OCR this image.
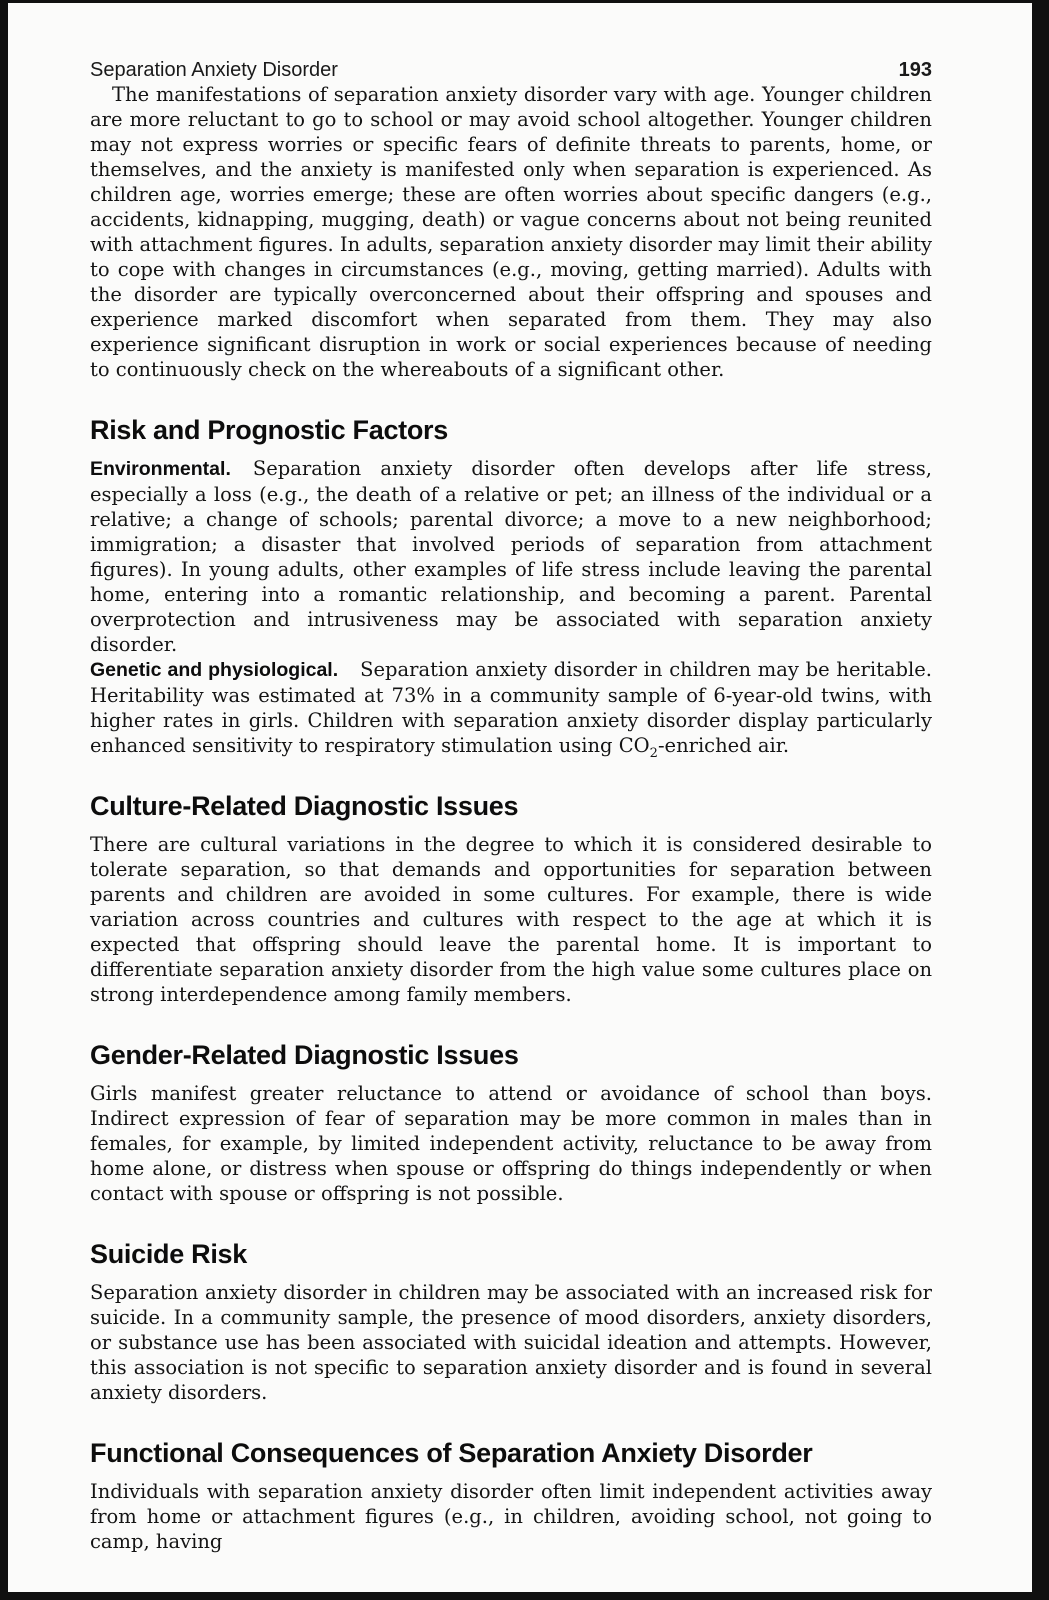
Separation Anxiety Disorder	193

The manifestations of separation anxiety disorder vary with age. Younger children are more reluctant to go to school or may avoid school altogether. Younger children may not express worries or specific fears of definite threats to parents, home, or themselves, and the anxiety is manifested only when separation is experienced. As children age, worries emerge; these are often worries about specific dangers (e.g., accidents, kidnapping, mugging, death) or vague concerns about not being reunited with attachment figures. In adults, separation anxiety disorder may limit their ability to cope with changes in circumstances (e.g., moving, getting married). Adults with the disorder are typically overconcerned about their offspring and spouses and experience marked discomfort when separated from them. They may also experience significant disruption in work or social experiences because of needing to continuously check on the whereabouts of a significant other.

Risk and Prognostic Factors

Environmental. Separation anxiety disorder often develops after life stress, especially a loss (e.g., the death of a relative or pet; an illness of the individual or a relative; a change of schools; parental divorce; a move to a new neighborhood; immigration; a disaster that involved periods of separation from attachment figures). In young adults, other examples of life stress include leaving the parental home, entering into a romantic relationship, and becoming a parent. Parental overprotection and intrusiveness may be associated with separation anxiety disorder.

Genetic and physiological. Separation anxiety disorder in children may be heritable. Heritability was estimated at 73% in a community sample of 6-year-old twins, with higher rates in girls. Children with separation anxiety disorder display particularly enhanced sensitivity to respiratory stimulation using $CO_2$-enriched air.

Culture-Related Diagnostic Issues

There are cultural variations in the degree to which it is considered desirable to tolerate separation, so that demands and opportunities for separation between parents and children are avoided in some cultures. For example, there is wide variation across countries and cultures with respect to the age at which it is expected that offspring should leave the parental home. It is important to differentiate separation anxiety disorder from the high value some cultures place on strong interdependence among family members.

Gender-Related Diagnostic Issues

Girls manifest greater reluctance to attend or avoidance of school than boys. Indirect expression of fear of separation may be more common in males than in females, for example, by limited independent activity, reluctance to be away from home alone, or distress when spouse or offspring do things independently or when contact with spouse or offspring is not possible.

Suicide Risk

Separation anxiety disorder in children may be associated with an increased risk for suicide. In a community sample, the presence of mood disorders, anxiety disorders, or substance use has been associated with suicidal ideation and attempts. However, this association is not specific to separation anxiety disorder and is found in several anxiety disorders.

Functional Consequences of Separation Anxiety Disorder

Individuals with separation anxiety disorder often limit independent activities away from home or attachment figures (e.g., in children, avoiding school, not going to camp, having
